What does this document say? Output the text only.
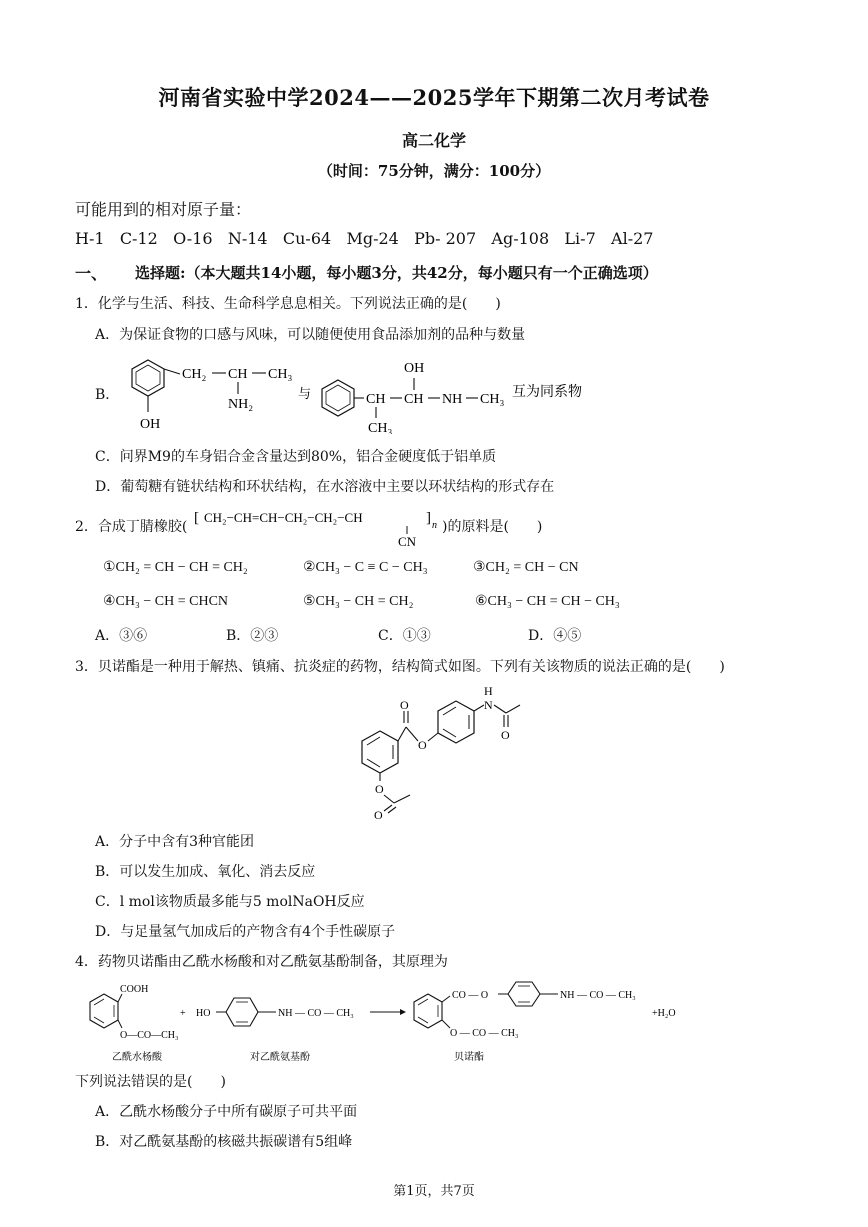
河南省实验中学2024——2025学年下期第二次月考试卷
高二化学
（时间：75分钟，满分：100分）
可能用到的相对原子量：
H-1 C-12 O-16 N-14 Cu-64 Mg-24 Pb- 207 Ag-108 Li-7 Al-27
一、 选择题:（本大题共14小题，每小题3分，共42分，每小题只有一个正确选项）
1．化学与生活、科技、生命科学息息相关。下列说法正确的是(　　)
A．为保证食物的口感与风味，可以随便使用食品添加剂的品种与数量
B．
OH
CH₂ CH CH₃
NH₂
与	CH
CH₃
CH
OH
NH CH₃ 互为同系物
C．问界M9的车身铝合金含量达到80%，铝合金硬度低于铝单质
D．葡萄糖有链状结构和环状结构，在水溶液中主要以环状结构的形式存在
2．合成丁腈橡胶(
[ CH₂−CH=CH−CH₂−CH₂−CH	] n
CN
)的原料是(　　)
①CH₂ = CH − CH = CH₂	②CH₃ − C ≡ C − CH₃	③CH₂ = CH − CN
④CH₃ − CH = CHCN	⑤CH₃ − CH = CH₂	⑥CH₃ − CH = CH − CH₃
A．③⑥	B．②③	C．①③	D．④⑤
3．贝诺酯是一种用于解热、镇痛、抗炎症的药物，结构简式如图。下列有关该物质的说法正确的是(　　)
O
O
N
H
O
O
O
A．分子中含有3种官能团
B．可以发生加成、氧化、消去反应
C．l mol该物质最多能与5 molNaOH反应
D．与足量氢气加成后的产物含有4个手性碳原子
4．药物贝诺酯由乙酰水杨酸和对乙酰氨基酚制备，其原理为
COOH
O—CO—CH₃
乙酰水杨酸
+ HO	NH — CO — CH₃
对乙酰氨基酚
CO — O	NH — CO — CH₃
O — CO — CH₃
+H₂O
贝诺酯
下列说法错误的是(　　)
A．乙酰水杨酸分子中所有碳原子可共平面
B．对乙酰氨基酚的核磁共振碳谱有5组峰
第1页，共7页
